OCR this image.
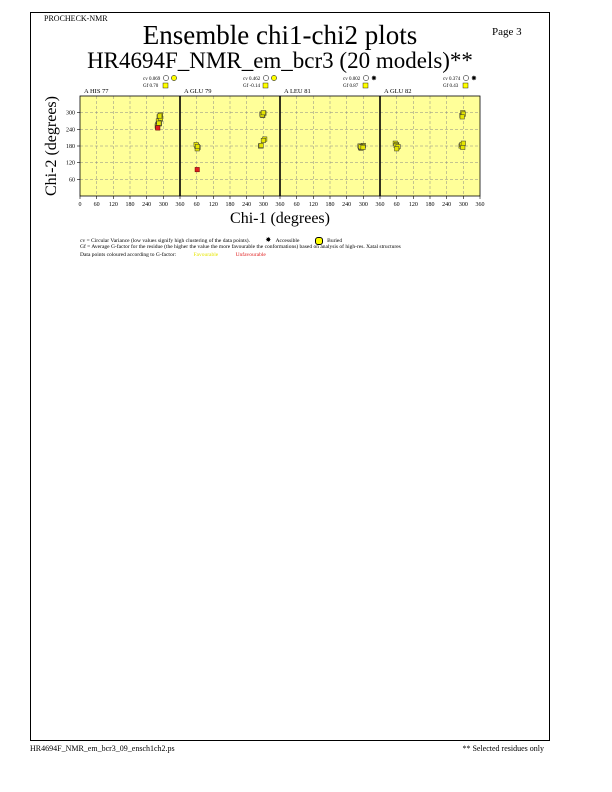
PROCHECK-NMR
Page 3
Ensemble chi1-chi2 plots
HR4694F_NMR_em_bcr3 (20 models)**
A HIS 77
cv 0.069
Gf 0.70
0 60 120 180 240 300 360
A GLU 79
cv 0.462
Gf -0.14
60 120 180 240 300 360
A LEU 81
cv 0.002
Gf 0.87
✸
60 120 180 240 300 360
A GLU 82
cv 0.374
Gf 0.43
✸
60 120 180 240 300 360
60
120
180
240
300
Chi-1 (degrees)
Chi-2 (degrees)
cv = Circular Variance (low values signify high clustering of the data points). ✸ Accessible	Buried
Gf = Average G-factor for the residue (the higher the value the more favourable the conformations) based on analysis of high-res. Xatal structures
Data points coloured according to G-factor:	Favourable	Unfavourable
HR4694F_NMR_em_bcr3_09_ensch1ch2.ps	** Selected residues only
